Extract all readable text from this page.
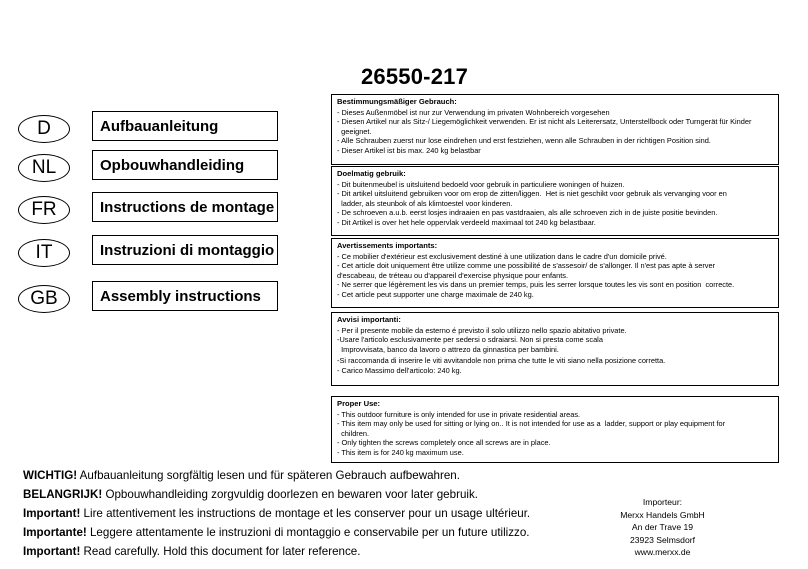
26550-217
D	Aufbauanleitung
NL	Opbouwhandleiding
FR	Instructions de montage
IT	Instruzioni di montaggio
GB	Assembly instructions
Bestimmungsmäßiger Gebrauch:
- Dieses Außenmöbel ist nur zur Verwendung im privaten Wohnbereich vorgesehen
- Diesen Artikel nur als Sitz-/ Liegemöglichkeit verwenden. Er ist nicht als Leiterersatz, Unterstellbock oder Turngerät für Kinder
geeignet.
- Alle Schrauben zuerst nur lose eindrehen und erst festziehen, wenn alle Schrauben in der richtigen Position sind.
- Dieser Artikel ist bis max. 240 kg belastbar
Doelmatig gebruik:
- Dit buitenmeubel is uitsluitend bedoeld voor gebruik in particuliere woningen of huizen.
- Dit artikel uitsluitend gebruiken voor om erop de zitten/liggen.  Het is niet geschikt voor gebruik als vervanging voor en
ladder, als steunbok of als klimtoestel voor kinderen.
- De schroeven a.u.b. eerst losjes indraaien en pas vastdraaien, als alle schroeven zich in de juiste positie bevinden.
- Dit Artikel is over het hele oppervlak verdeeld maximaal tot 240 kg belastbaar.
Avertissements importants:
- Ce mobilier d'extérieur est exclusivement destiné à une utilization dans le cadre d'un domicile privé.
- Cet article doit uniquement être utilize comme une possibilité de s'assesoir/ de s'allonger. Il n'est pas apte à server
d'escabeau, de tréteau ou d'appareil d'exercise physique pour enfants.
- Ne serrer que légèrement les vis dans un premier temps, puis les serrer lorsque toutes les vis sont en position  correcte.
- Cet article peut supporter une charge maximale de 240 kg.
Avvisi importanti:
- Per il presente mobile da esterno é previsto il solo utilizzo nello spazio abitativo private.
-Usare l'articolo esclusivamente per sedersi o sdraiarsi. Non si presta come scala
Improvvisata, banco da lavoro o attrezo da ginnastica per bambini.
-Si raccomanda di inserire le viti avvitandole non prima che tutte le viti siano nella posizione corretta.
- Carico Massimo dell'articolo: 240 kg.
Proper Use:
- This outdoor furniture is only intended for use in private residential areas.
- This item may only be used for sitting or lying on.. It is not intended for use as a  ladder, support or play equipment for
children.
- Only tighten the screws completely once all screws are in place.
- This item is for 240 kg maximum use.
WICHTIG! Aufbauanleitung sorgfältig lesen und für späteren Gebrauch aufbewahren.
BELANGRIJK! Opbouwhandleiding zorgvuldig doorlezen en bewaren voor later gebruik.
Important! Lire attentivement les instructions de montage et les conserver pour un usage ultérieur.
Importante! Leggere attentamente le instruzioni di montaggio e conservabile per un future utilizzo.
Important! Read carefully. Hold this document for later reference.
Importeur:
Merxx Handels GmbH
An der Trave 19
23923 Selmsdorf
www.merxx.de
